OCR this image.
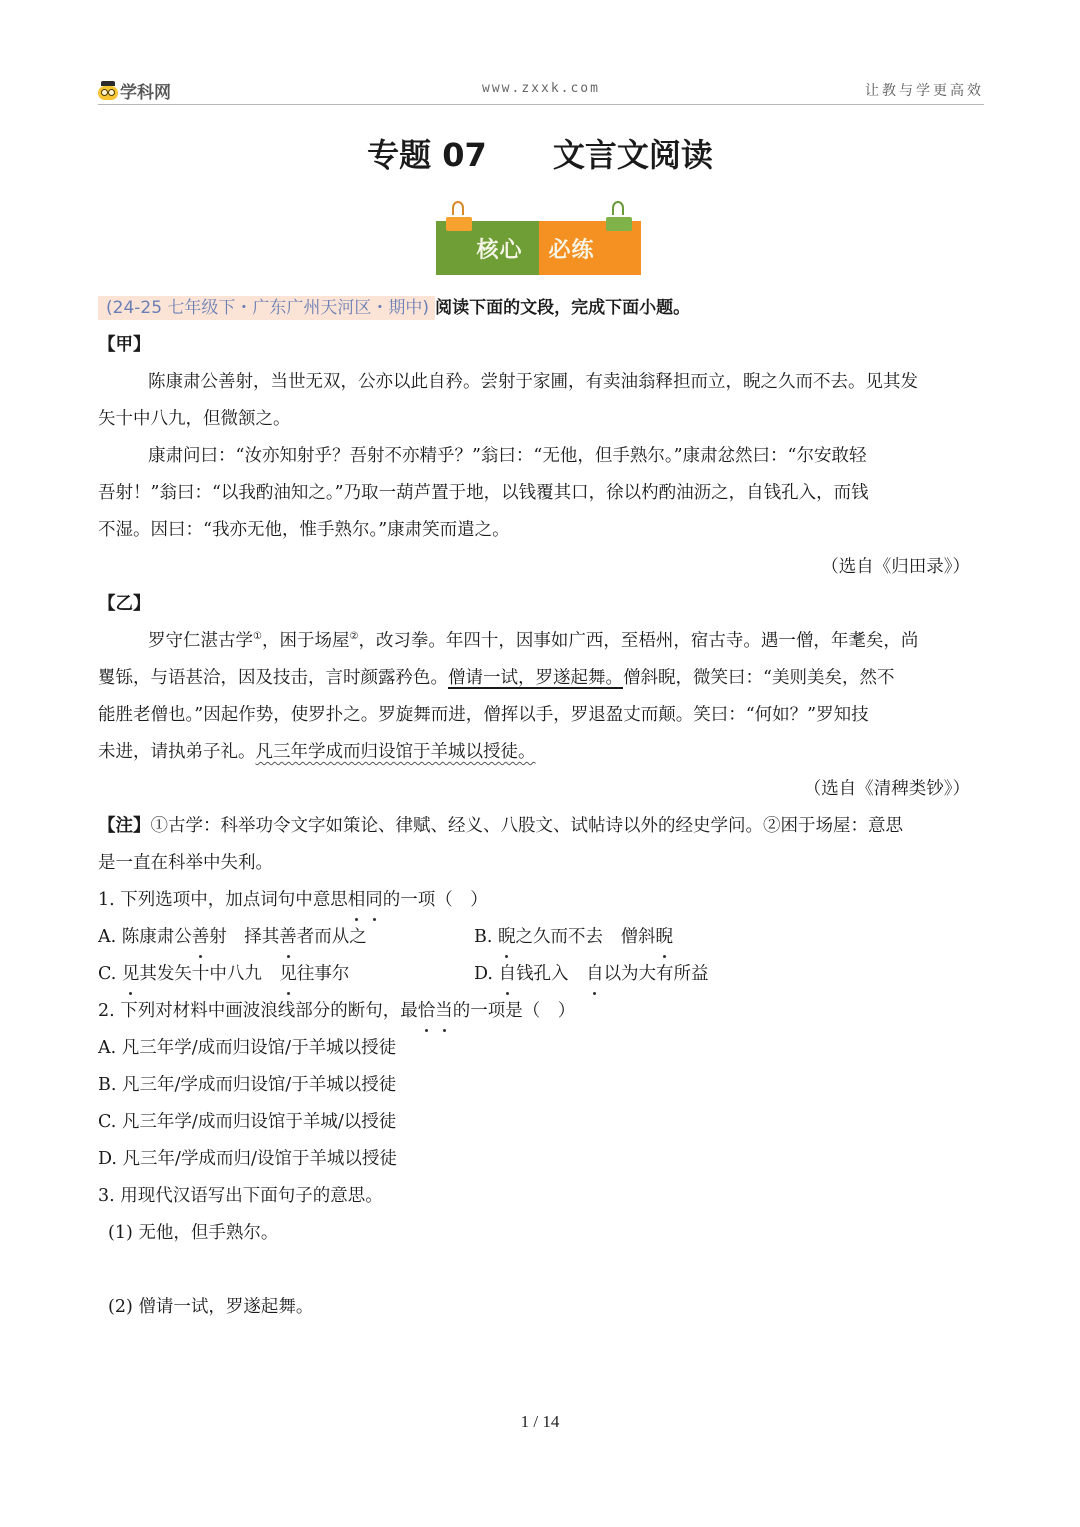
学科网	www.zxxk.com	让教与学更高效
专题 07 文言文阅读
核心	必练
(24-25 七年级下・广东广州天河区・期中) 阅读下面的文段，完成下面小题。
【甲】
陈康肃公善射，当世无双，公亦以此自矜。尝射于家圃，有卖油翁释担而立，睨之久而不去。见其发
矢十中八九，但微颔之。
康肃问曰：“汝亦知射乎？吾射不亦精乎？”翁曰：“无他，但手熟尔。”康肃忿然曰：“尔安敢轻
吾射！”翁曰：“以我酌油知之。”乃取一葫芦置于地，以钱覆其口，徐以杓酌油沥之，自钱孔入，而钱
不湿。因曰：“我亦无他，惟手熟尔。”康肃笑而遣之。
（选自《归田录》）
【乙】
罗守仁湛古学①，困于场屋②，改习拳。年四十，因事如广西，至梧州，宿古寺。遇一僧，年耄矣，尚
矍铄，与语甚洽，因及技击，言时颜露矜色。僧请一试，罗遂起舞。僧斜睨，微笑曰：“美则美矣，然不
能胜老僧也。”因起作势，使罗扑之。罗旋舞而进，僧挥以手，罗退盈丈而颠。笑曰：“何如？”罗知技
未进，请执弟子礼。凡三年学成而归设馆于羊城以授徒。
（选自《清稗类钞》）
【注】①古学：科举功令文字如策论、律赋、经义、八股文、试帖诗以外的经史学问。②困于场屋：意思
是一直在科举中失利。
1. 下列选项中，加点词句中意思相同的一项（　）
A. 陈康肃公善射　择其善者而从之	B. 睨之久而不去　僧斜睨
C. 见其发矢十中八九　见往事尔	D. 自钱孔入　自以为大有所益
2. 下列对材料中画波浪线部分的断句，最恰当的一项是（　）
A. 凡三年学/成而归设馆/于羊城以授徒
B. 凡三年/学成而归设馆/于羊城以授徒
C. 凡三年学/成而归设馆于羊城/以授徒
D. 凡三年/学成而归/设馆于羊城以授徒
3. 用现代汉语写出下面句子的意思。
(1) 无他，但手熟尔。
(2) 僧请一试，罗遂起舞。
1 / 14
